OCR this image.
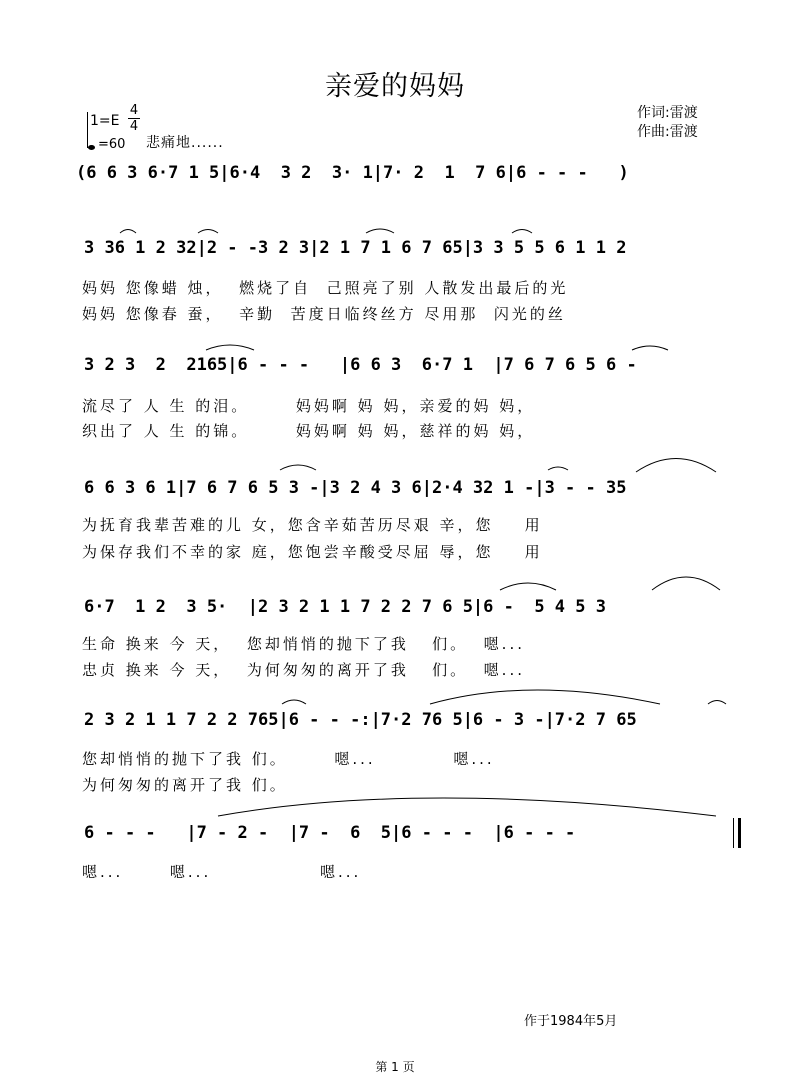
亲爱的妈妈
作词:雷渡
作曲:雷渡
1=E
4
4
=60 悲痛地......
(6 6 3 6·7 1 5|6·4  3 2  3· 1|7· 2  1  7 6|6 - - -   )
3 36 1 2 32|2 - -3 2 3|2 1 7 1 6 7 65|3 3 5 5 6 1 1 2
妈妈 您像蜡 烛，  燃烧了自  己照亮了别 人散发出最后的光
妈妈 您像春 蚕，  辛勤  苦度日临终丝方 尽用那  闪光的丝
3 2 3  2  2165|6 - - -   |6 6 3  6·7 1  |7 6 7 6 5 6 -
流尽了 人 生 的泪。      妈妈啊 妈 妈，亲爱的妈 妈，
织出了 人 生 的锦。      妈妈啊 妈 妈，慈祥的妈 妈，
6 6 3 6 1|7 6 7 6 5 3 -|3 2 4 3 6|2·4 32 1 -|3 - - 35
为抚育我辈苦难的儿 女，您含辛茹苦历尽艰 辛，您    用
为保存我们不幸的家 庭，您饱尝辛酸受尽屈 辱，您    用
6·7  1 2  3 5·  |2 3 2 1 1 7 2 2 7 6 5|6 -  5 4 5 3
生命 换来 今 天，  您却悄悄的抛下了我   们。  嗯...
忠贞 换来 今 天，  为何匆匆的离开了我   们。  嗯...
2 3 2 1 1 7 2 2 765|6 - - -:|7·2 76 5|6 - 3 -|7·2 7 65
您却悄悄的抛下了我 们。      嗯...          嗯...
为何匆匆的离开了我 们。
6 - - -   |7 - 2 -  |7 -  6  5|6 - - -  |6 - - -
嗯...      嗯...              嗯...
作于1984年5月
第 1 页
